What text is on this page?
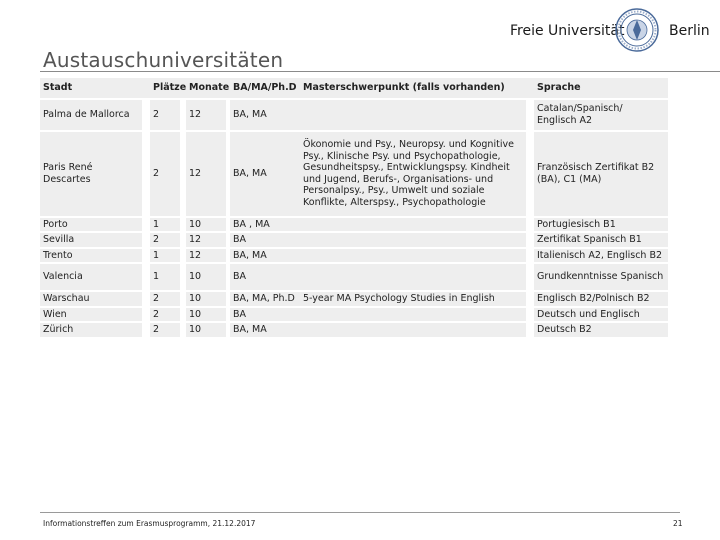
Austauschuniversitäten
Freie Universität	Berlin
Stadt		Plätze		Monate		BA/MA/Ph.D	Masterschwerpunkt (falls vorhanden)		Sprache
Palma de Mallorca		2		12		BA, MA			Catalan/Spanisch/ Englisch A2
Paris René Descartes		2		12		BA, MA	Ökonomie und Psy., Neuropsy. und Kognitive Psy., Klinische Psy. und Psychopathologie, Gesundheitspsy., Entwicklungspsy. Kindheit und Jugend, Berufs-, Organisations- und Personalpsy., Psy., Umwelt und soziale Konflikte, Alterspsy., Psychopathologie		Französisch Zertifikat B2 (BA), C1 (MA)
Porto		1		10		BA , MA			Portugiesisch B1
Sevilla		2		12		BA			Zertifikat Spanisch B1
Trento		1		12		BA, MA			Italienisch A2, Englisch B2
Valencia		1		10		BA			Grundkenntnisse Spanisch
Warschau		2		10		BA, MA, Ph.D	5-year MA Psychology Studies in English		Englisch B2/Polnisch B2
Wien		2		10		BA			Deutsch und Englisch
Zürich		2		10		BA, MA			Deutsch B2
Informationstreffen zum Erasmusprogramm, 21.12.2017	21
